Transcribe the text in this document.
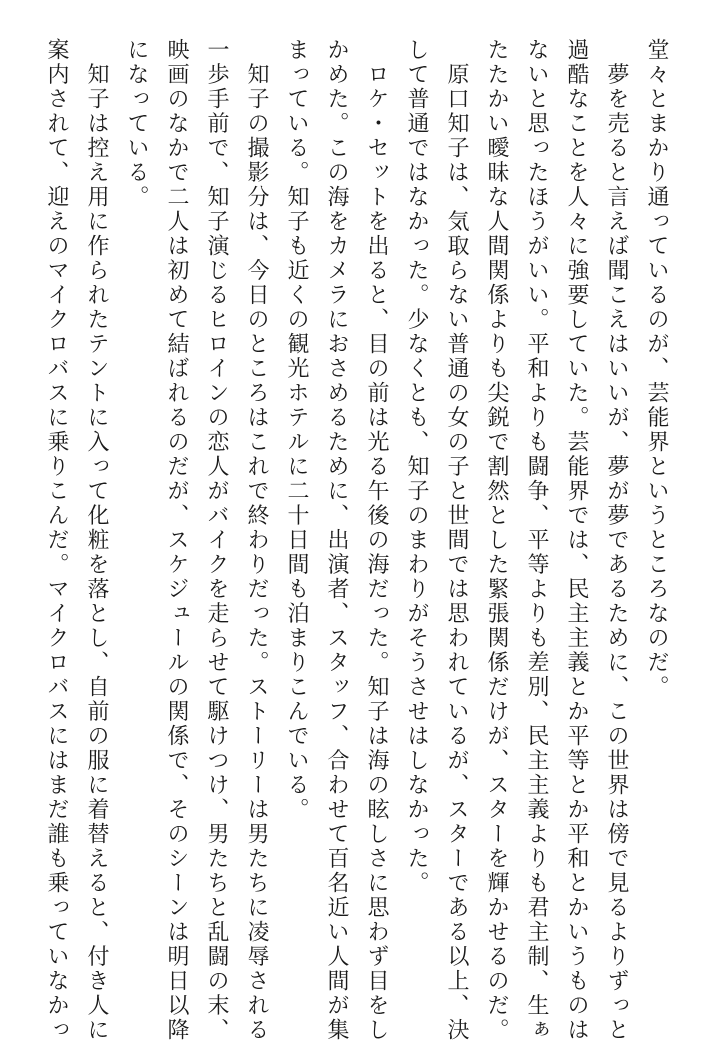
堂々とまかり通っているのが、芸能界というところなのだ。
　夢を売ると言えば聞こえはいいが、夢が夢であるために、この世界は傍で見るよりずっと
過酷なことを人々に強要していた。芸能界では、民主主義とか平等とか平和とかいうものは
ないと思ったほうがいい。平和よりも闘争、平等よりも差別、民主主義よりも君主制、生ぁ
たたかい曖昧な人間関係よりも尖鋭で割然とした緊張関係だけが、スターを輝かせるのだ。
　原口知子は、気取らない普通の女の子と世間では思われているが、スターである以上、決
して普通ではなかった。少なくとも、知子のまわりがそうさせはしなかった。
　ロケ・セットを出ると、目の前は光る午後の海だった。知子は海の眩しさに思わず目をし
かめた。この海をカメラにおさめるために、出演者、スタッフ、合わせて百名近い人間が集
まっている。知子も近くの観光ホテルに二十日間も泊まりこんでいる。
　知子の撮影分は、今日のところはこれで終わりだった。ストーリーは男たちに凌辱される
一歩手前で、知子演じるヒロインの恋人がバイクを走らせて駆けつけ、男たちと乱闘の末、
映画のなかで二人は初めて結ばれるのだが、スケジュールの関係で、そのシーンは明日以降
になっている。
　知子は控え用に作られたテントに入って化粧を落とし、自前の服に着替えると、付き人に
案内されて、迎えのマイクロバスに乗りこんだ。マイクロバスにはまだ誰も乗っていなかっ
